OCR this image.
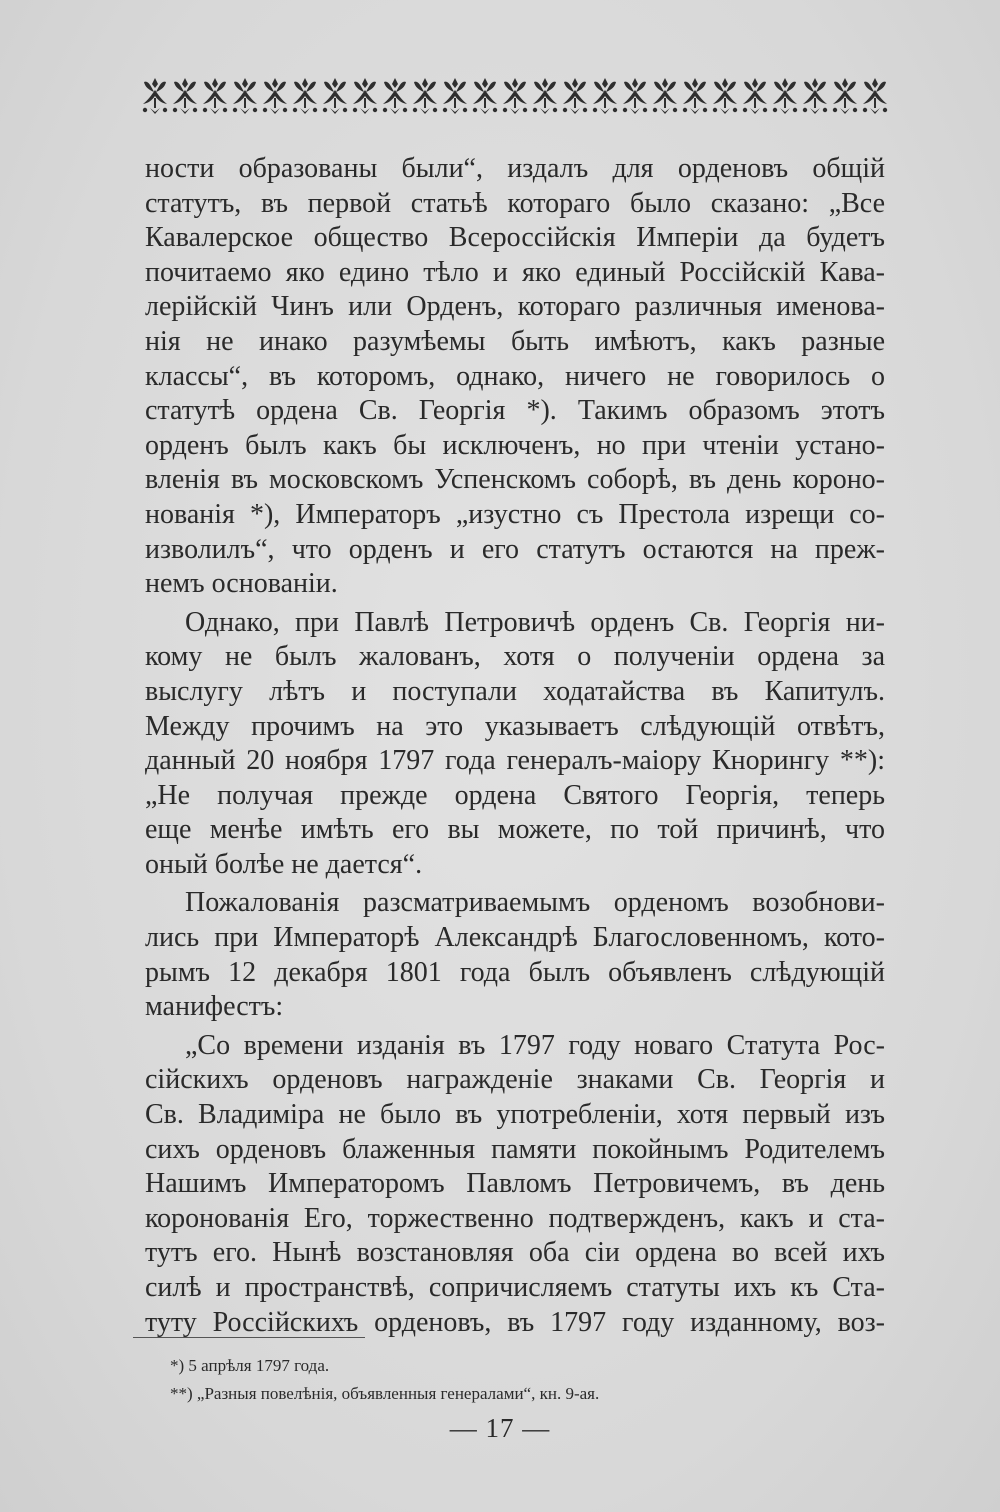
ности образованы были“, издалъ для орденовъ общій
статутъ, въ первой статьѣ котораго было сказано: „Все
Кавалерское общество Всероссійскія Имперіи да будетъ
почитаемо яко едино тѣло и яко единый Россійскій Кава-
лерійскій Чинъ или Орденъ, котораго различныя именова-
нія не инако разумѣемы быть имѣютъ, какъ разные
классы“, въ которомъ, однако, ничего не говорилось о
статутѣ ордена Св. Георгія *). Такимъ образомъ этотъ
орденъ былъ какъ бы исключенъ, но при чтеніи устано-
вленія въ московскомъ Успенскомъ соборѣ, въ день короно-
нованія *), Императоръ „изустно съ Престола изрещи со-
изволилъ“, что орденъ и его статутъ остаются на преж-
немъ основаніи.
Однако, при Павлѣ Петровичѣ орденъ Св. Георгія ни-
кому не былъ жалованъ, хотя о полученіи ордена за
выслугу лѣтъ и поступали ходатайства въ Капитулъ.
Между прочимъ на это указываетъ слѣдующій отвѣтъ,
данный 20 ноября 1797 года генералъ-маіору Кнорингу **):
„Не получая прежде ордена Святого Георгія, теперь
еще менѣе имѣть его вы можете, по той причинѣ, что
оный болѣе не дается“.
Пожалованія разсматриваемымъ орденомъ возобнови-
лись при Императорѣ Александрѣ Благословенномъ, кото-
рымъ 12 декабря 1801 года былъ объявленъ слѣдующій
манифестъ:
„Со времени изданія въ 1797 году новаго Статута Рос-
сійскихъ орденовъ награжденіе знаками Св. Георгія и
Св. Владиміра не было въ употребленіи, хотя первый изъ
сихъ орденовъ блаженныя памяти покойнымъ Родителемъ
Нашимъ Императоромъ Павломъ Петровичемъ, въ день
коронованія Его, торжественно подтвержденъ, какъ и ста-
тутъ его. Нынѣ возстановляя оба сіи ордена во всей ихъ
силѣ и пространствѣ, сопричисляемъ статуты ихъ къ Ста-
туту Россійскихъ орденовъ, въ 1797 году изданному, воз-
*) 5 апрѣля 1797 года.
**) „Разныя повелѣнія, объявленныя генералами“, кн. 9-ая.
— 17 —
